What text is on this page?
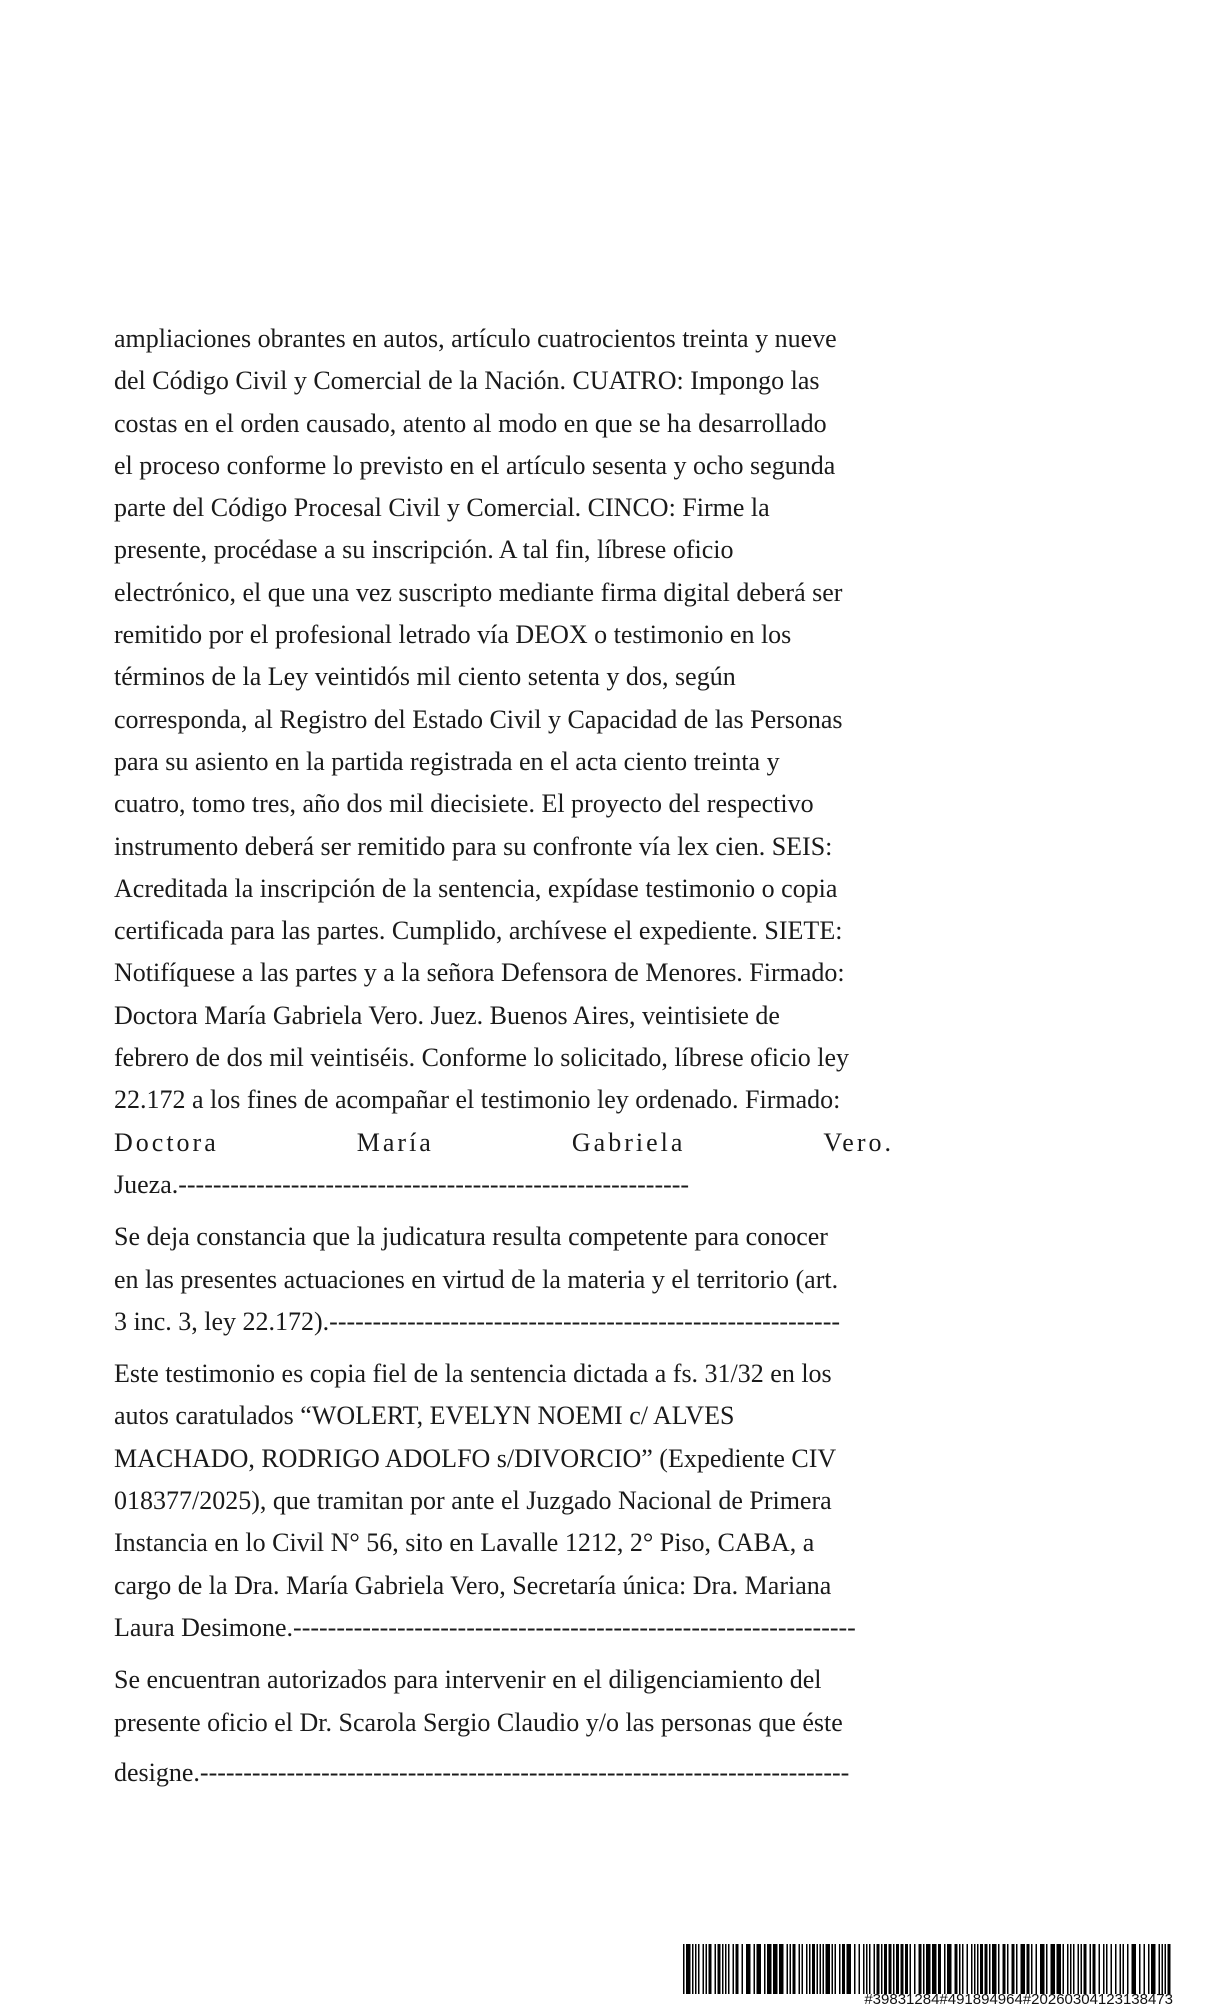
ampliaciones obrantes en autos, artículo cuatrocientos treinta y nueve
del Código Civil y Comercial de la Nación. CUATRO: Impongo las
costas en el orden causado, atento al modo en que se ha desarrollado
el proceso conforme lo previsto en el artículo sesenta y ocho segunda
parte del Código Procesal Civil y Comercial. CINCO: Firme la
presente, procédase a su inscripción. A tal fin, líbrese oficio
electrónico, el que una vez suscripto mediante firma digital deberá ser
remitido por el profesional letrado vía DEOX o testimonio en los
términos de la Ley veintidós mil ciento setenta y dos, según
corresponda, al Registro del Estado Civil y Capacidad de las Personas
para su asiento en la partida registrada en el acta ciento treinta y
cuatro, tomo tres, año dos mil diecisiete. El proyecto del respectivo
instrumento deberá ser remitido para su confronte vía lex cien. SEIS:
Acreditada la inscripción de la sentencia, expídase testimonio o copia
certificada para las partes. Cumplido, archívese el expediente. SIETE:
Notifíquese a las partes y a la señora Defensora de Menores. Firmado:
Doctora María Gabriela Vero. Juez. Buenos Aires, veintisiete de
febrero de dos mil veintiséis. Conforme lo solicitado, líbrese oficio ley
22.172 a los fines de acompañar el testimonio ley ordenado. Firmado:
Doctora	María	Gabriela	Vero.
Jueza.-----------------------------------------------------------
Se deja constancia que la judicatura resulta competente para conocer
en las presentes actuaciones en virtud de la materia y el territorio (art.
3 inc. 3, ley 22.172).-----------------------------------------------------------
Este testimonio es copia fiel de la sentencia dictada a fs. 31/32 en los
autos caratulados “WOLERT, EVELYN NOEMI c/ ALVES
MACHADO, RODRIGO ADOLFO s/DIVORCIO” (Expediente CIV
018377/2025), que tramitan por ante el Juzgado Nacional de Primera
Instancia en lo Civil N° 56, sito en Lavalle 1212, 2° Piso, CABA, a
cargo de la Dra. María Gabriela Vero, Secretaría única: Dra. Mariana
Laura Desimone.-----------------------------------------------------------------
Se encuentran autorizados para intervenir en el diligenciamiento del
presente oficio el Dr. Scarola Sergio Claudio y/o las personas que éste
designe.---------------------------------------------------------------------------
#39831284#491894964#20260304123138473
